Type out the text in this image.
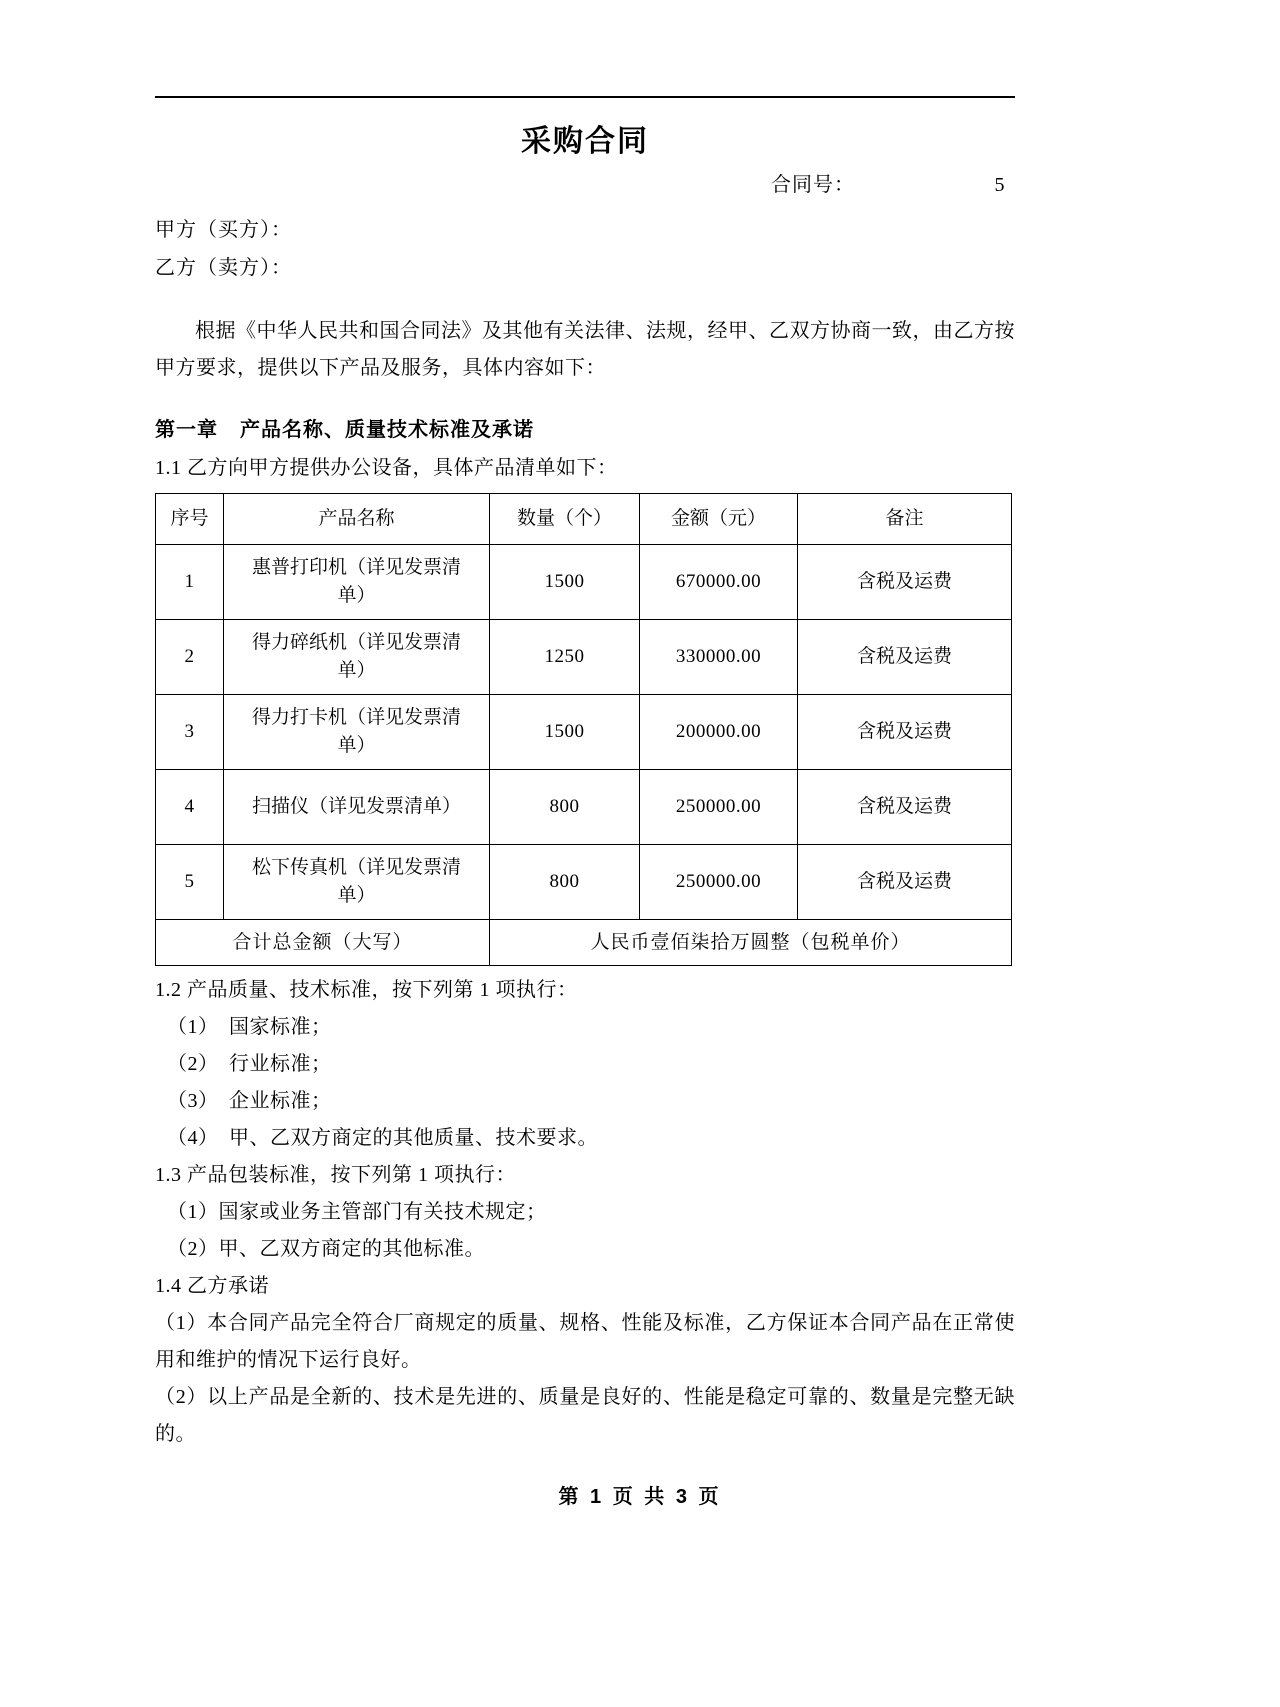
采购合同
合同号：	5
甲方（买方）：
乙方（卖方）：

根据《中华人民共和国合同法》及其他有关法律、法规，经甲、乙双方协商一致，由乙方按甲方要求，提供以下产品及服务，具体内容如下：

第一章 产品名称、质量技术标准及承诺
1.1 乙方向甲方提供办公设备，具体产品清单如下：
序号	产品名称	数量（个）	金额（元）	备注
1	惠普打印机（详见发票清单）	1500	670000.00	含税及运费
2	得力碎纸机（详见发票清单）	1250	330000.00	含税及运费
3	得力打卡机（详见发票清单）	1500	200000.00	含税及运费
4	扫描仪（详见发票清单）	800	250000.00	含税及运费
5	松下传真机（详见发票清单）	800	250000.00	含税及运费
合计总金额（大写）		人民币壹佰柒拾万圆整（包税单价）		
1.2 产品质量、技术标准，按下列第 1 项执行：
（1）　国家标准；
（2）　行业标准；
（3）　企业标准；
（4）　甲、乙双方商定的其他质量、技术要求。
1.3 产品包装标准，按下列第 1 项执行：
（1）国家或业务主管部门有关技术规定；
（2）甲、乙双方商定的其他标准。
1.4 乙方承诺

（1）本合同产品完全符合厂商规定的质量、规格、性能及标准，乙方保证本合同产品在正常使用和维护的情况下运行良好。

（2）以上产品是全新的、技术是先进的、质量是良好的、性能是稳定可靠的、数量是完整无缺的。

第 1 页 共 3 页
